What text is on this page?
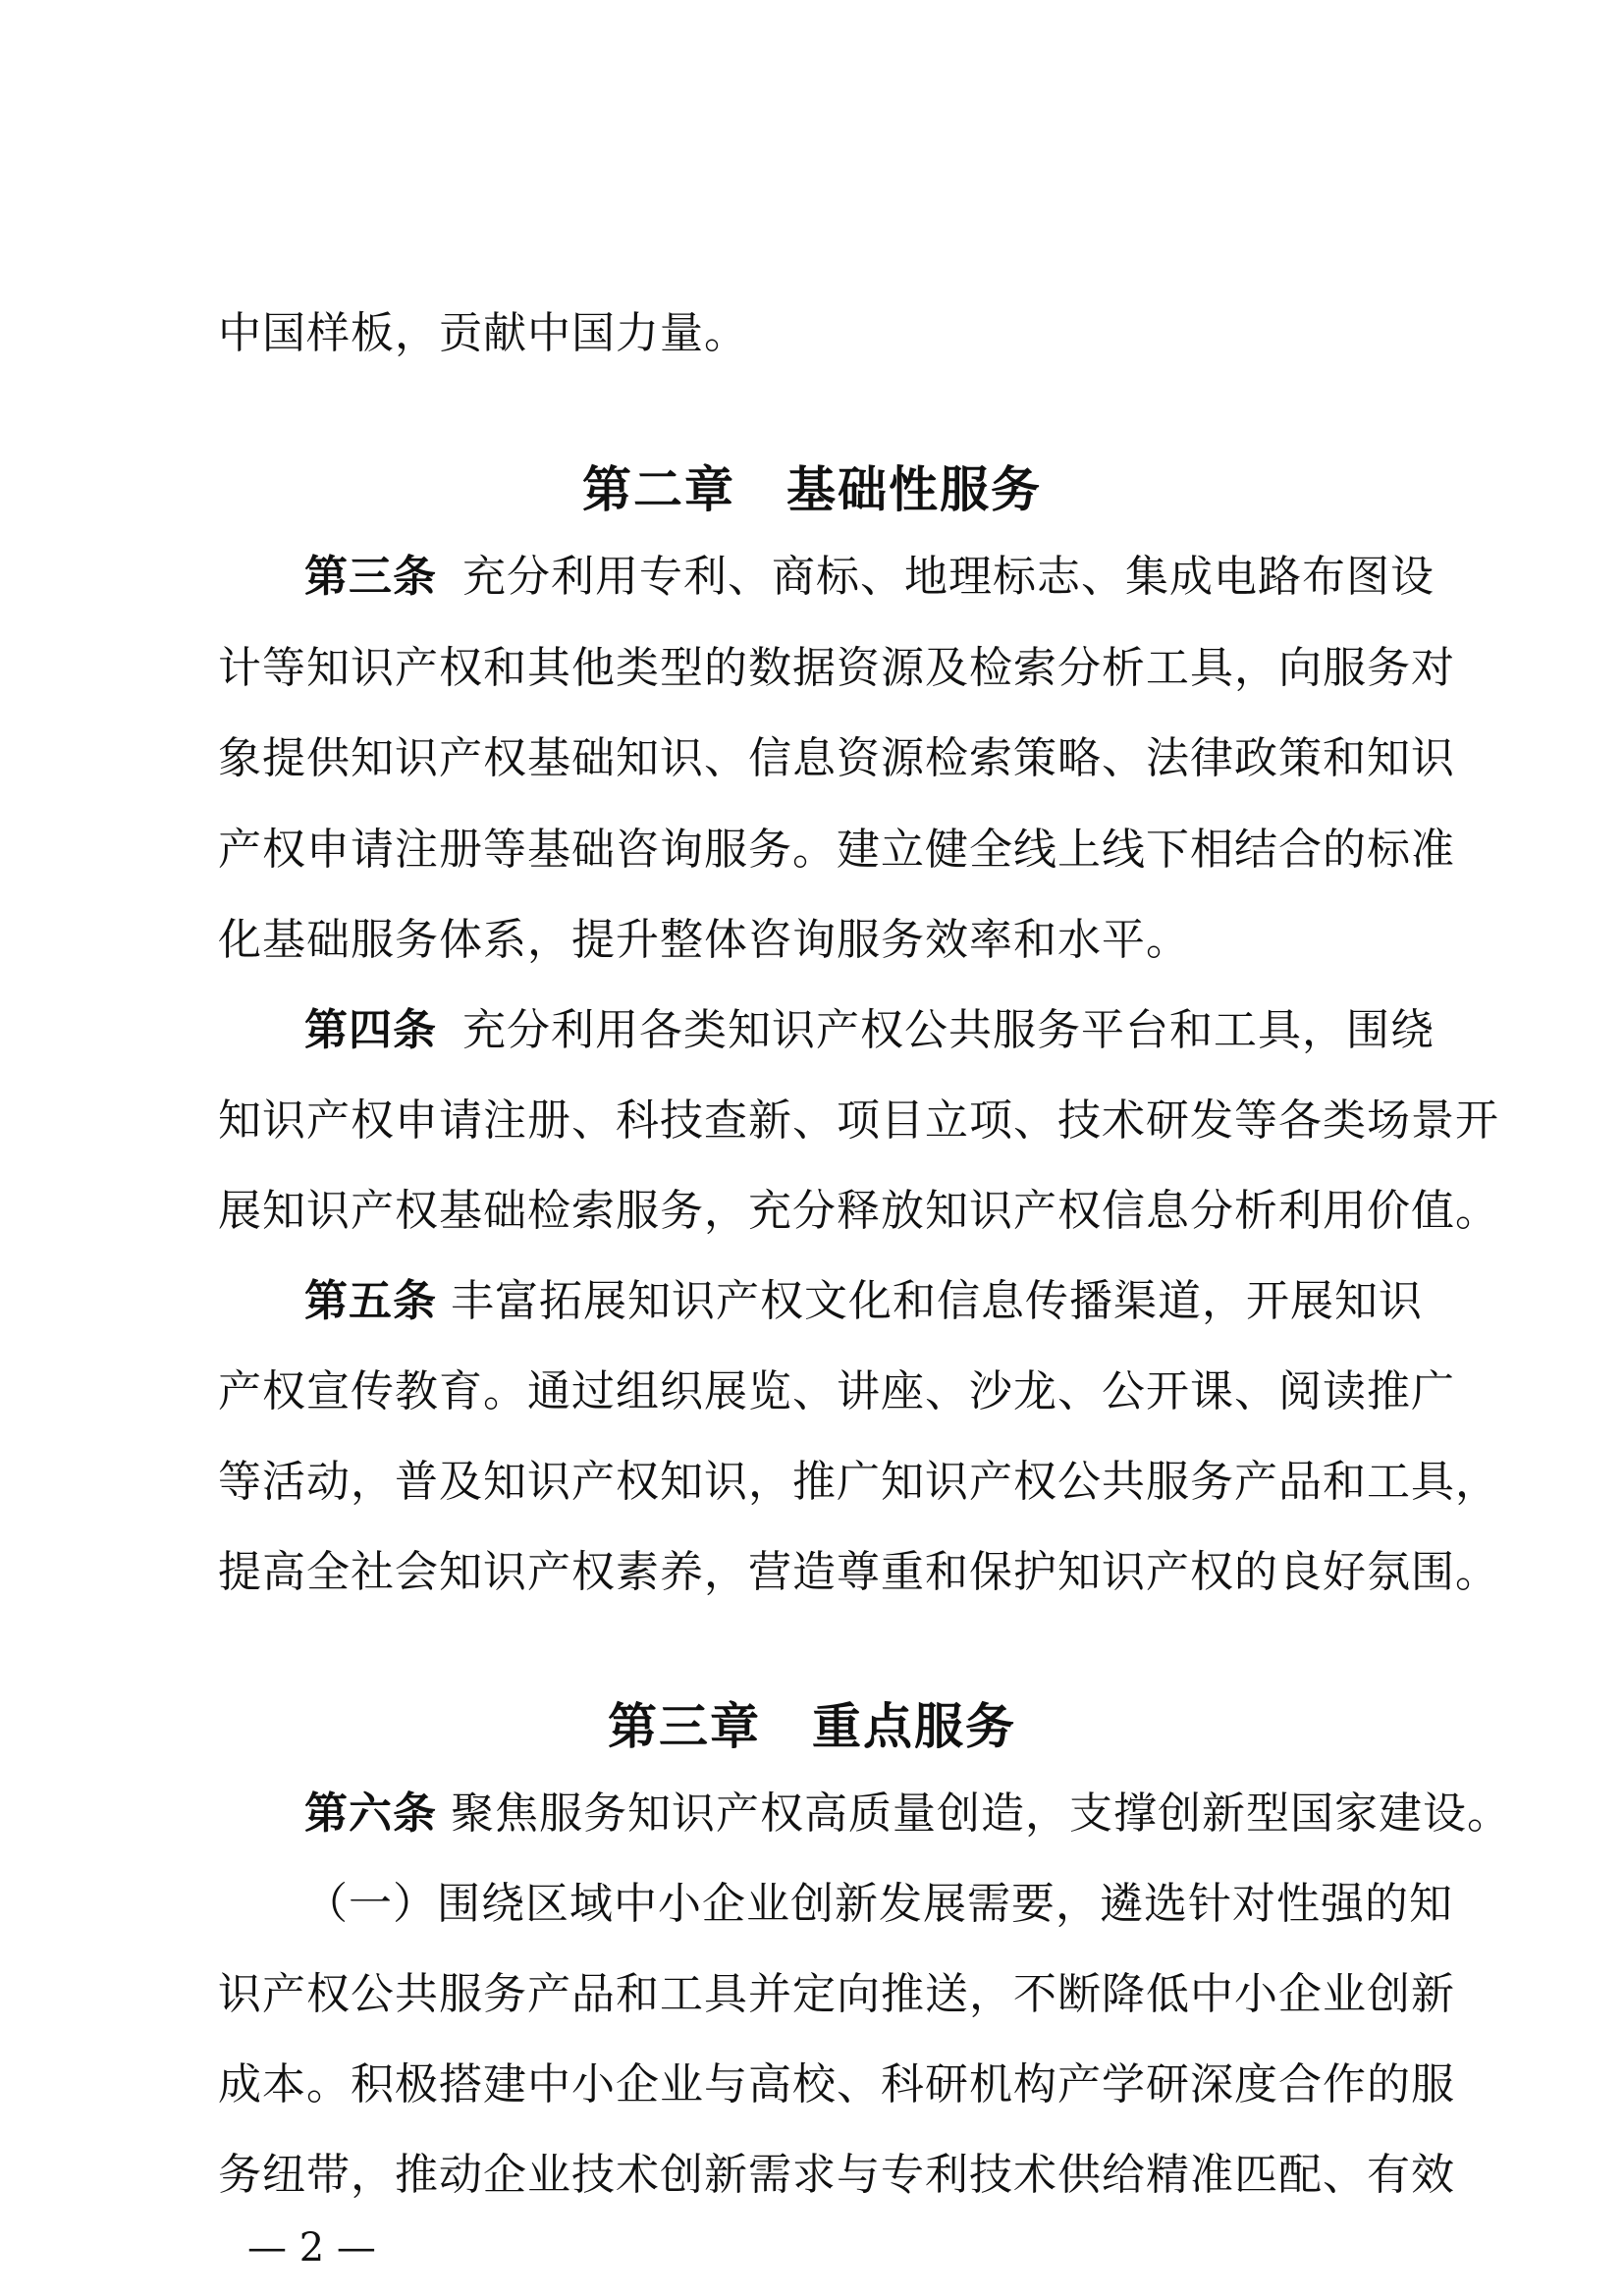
中国样板，贡献中国力量。
第二章　基础性服务
第三条 充分利用专利、商标、地理标志、集成电路布图设
计等知识产权和其他类型的数据资源及检索分析工具，向服务对
象提供知识产权基础知识、信息资源检索策略、法律政策和知识
产权申请注册等基础咨询服务。建立健全线上线下相结合的标准
化基础服务体系，提升整体咨询服务效率和水平。
第四条 充分利用各类知识产权公共服务平台和工具，围绕
知识产权申请注册、科技查新、项目立项、技术研发等各类场景开
展知识产权基础检索服务，充分释放知识产权信息分析利用价值。
第五条 丰富拓展知识产权文化和信息传播渠道，开展知识
产权宣传教育。通过组织展览、讲座、沙龙、公开课、阅读推广
等活动，普及知识产权知识，推广知识产权公共服务产品和工具，
提高全社会知识产权素养，营造尊重和保护知识产权的良好氛围。
第三章　重点服务
第六条 聚焦服务知识产权高质量创造，支撑创新型国家建设。
（一）围绕区域中小企业创新发展需要，遴选针对性强的知
识产权公共服务产品和工具并定向推送，不断降低中小企业创新
成本。积极搭建中小企业与高校、科研机构产学研深度合作的服
务纽带，推动企业技术创新需求与专利技术供给精准匹配、有效
— 2 —
